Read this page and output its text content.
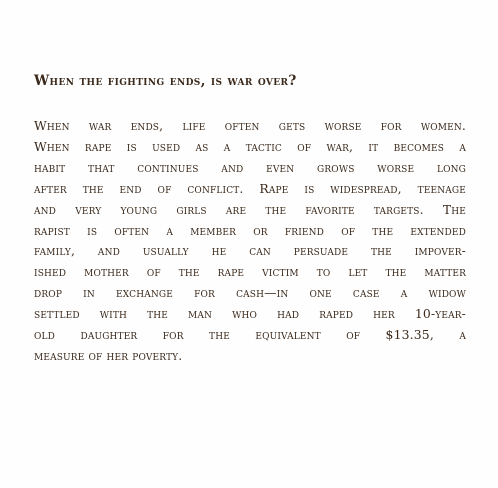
When the fighting ends, is war over?
When war ends, life often gets worse for women.
When rape is used as a tactic of war, it becomes a
habit that continues and even grows worse long
after the end of conflict. Rape is widespread, teenage
and very young girls are the favorite targets. The
rapist is often a member or friend of the extended
family, and usually he can persuade the impover-
ished mother of the rape victim to let the matter
drop in exchange for cash—in one case a widow
settled with the man who had raped her 10-year-
old daughter for the equivalent of $13.35, a
measure of her poverty.
